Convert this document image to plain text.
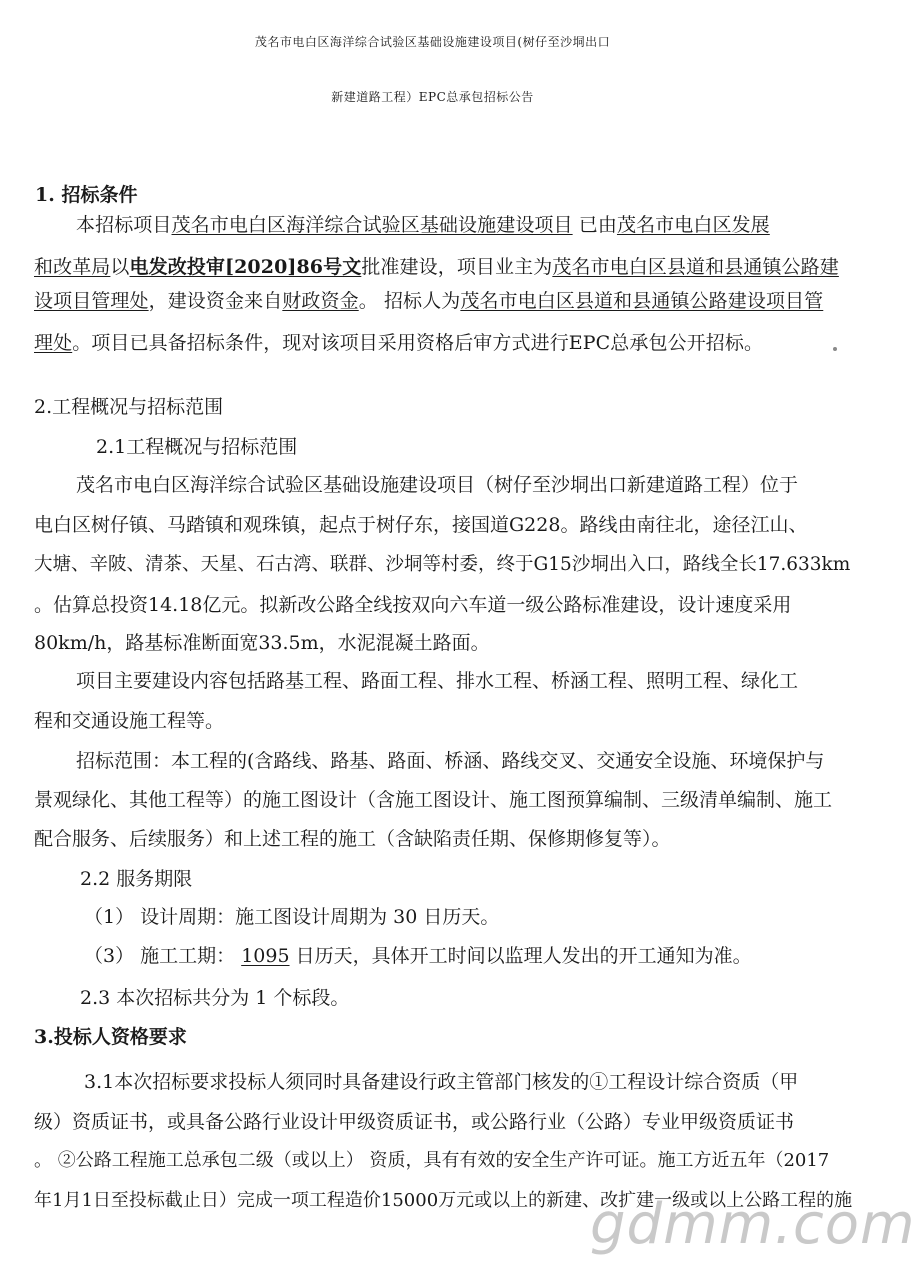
茂名市电白区海洋综合试验区基础设施建设项目(树仔至沙垌出口
新建道路工程）EPC总承包招标公告
1. 招标条件
本招标项目茂名市电白区海洋综合试验区基础设施建设项目 已由茂名市电白区发展
和改革局以电发改投审[2020]86号文批准建设，项目业主为茂名市电白区县道和县通镇公路建
设项目管理处，建设资金来自财政资金。 招标人为茂名市电白区县道和县通镇公路建设项目管
理处。项目已具备招标条件，现对该项目采用资格后审方式进行EPC总承包公开招标。
2.工程概况与招标范围
2.1工程概况与招标范围
茂名市电白区海洋综合试验区基础设施建设项目（树仔至沙垌出口新建道路工程）位于
电白区树仔镇、马踏镇和观珠镇，起点于树仔东，接国道G228。路线由南往北，途径江山、
大塘、辛陂、清茶、天星、石古湾、联群、沙垌等村委，终于G15沙垌出入口，路线全长17.633km
。估算总投资14.18亿元。拟新改公路全线按双向六车道一级公路标准建设，设计速度采用
80km/h，路基标准断面宽33.5m，水泥混凝土路面。
项目主要建设内容包括路基工程、路面工程、排水工程、桥涵工程、照明工程、绿化工
程和交通设施工程等。
招标范围：本工程的(含路线、路基、路面、桥涵、路线交叉、交通安全设施、环境保护与
景观绿化、其他工程等）的施工图设计（含施工图设计、施工图预算编制、三级清单编制、施工
配合服务、后续服务）和上述工程的施工（含缺陷责任期、保修期修复等）。
2.2 服务期限
（1） 设计周期：施工图设计周期为 30 日历天。
（3） 施工工期： 1095 日历天，具体开工时间以监理人发出的开工通知为准。
2.3 本次招标共分为 1 个标段。
3.投标人资格要求
3.1本次招标要求投标人须同时具备建设行政主管部门核发的①工程设计综合资质（甲
级）资质证书，或具备公路行业设计甲级资质证书，或公路行业（公路）专业甲级资质证书
。 ②公路工程施工总承包二级（或以上） 资质，具有有效的安全生产许可证。施工方近五年（2017
年1月1日至投标截止日）完成一项工程造价15000万元或以上的新建、改扩建一级或以上公路工程的施
gdmm.com
